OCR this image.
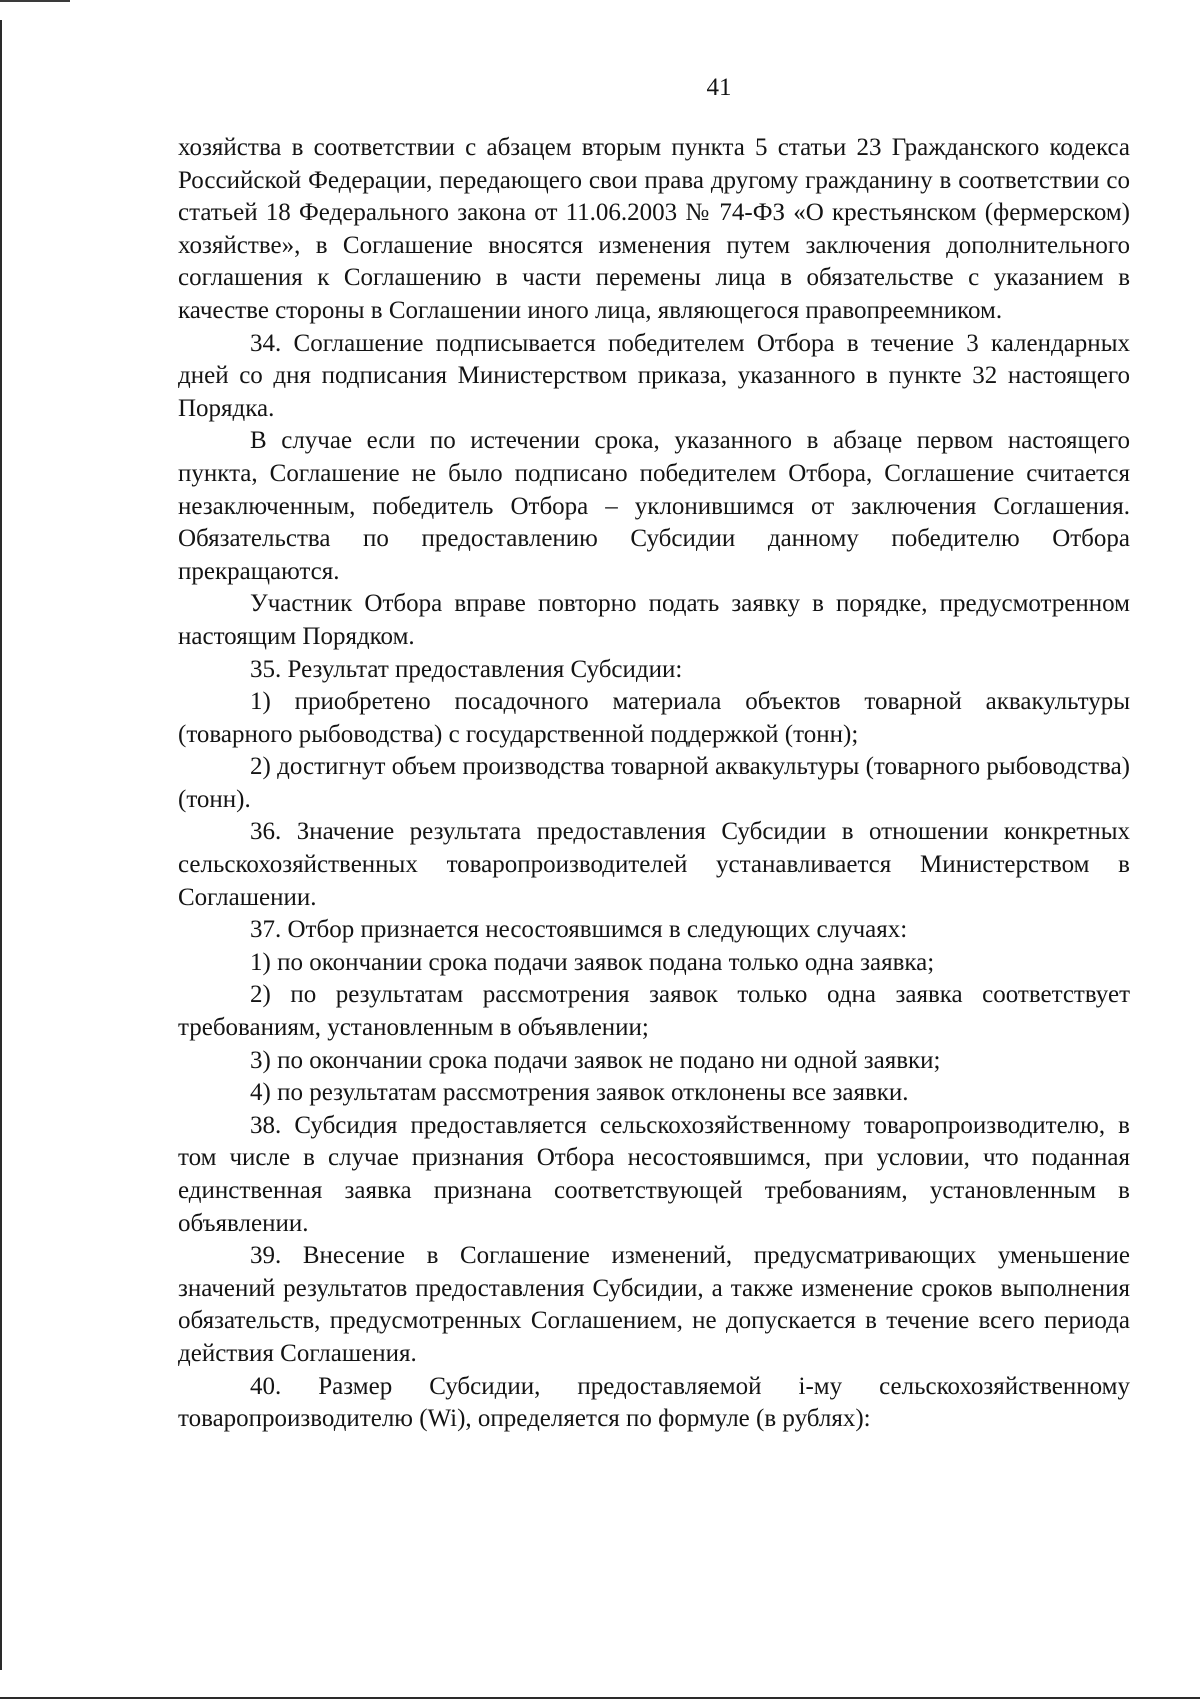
41

хозяйства в соответствии с абзацем вторым пункта 5 статьи 23 Гражданского кодекса Российской Федерации, передающего свои права другому гражданину в соответствии со статьей 18 Федерального закона от 11.06.2003 № 74-ФЗ «О крестьянском (фермерском) хозяйстве», в Соглашение вносятся изменения путем заключения дополнительного соглашения к Соглашению в части перемены лица в обязательстве с указанием в качестве стороны в Соглашении иного лица, являющегося правопреемником.

34. Соглашение подписывается победителем Отбора в течение 3 календарных дней со дня подписания Министерством приказа, указанного в пункте 32 настоящего Порядка.

В случае если по истечении срока, указанного в абзаце первом настоящего пункта, Соглашение не было подписано победителем Отбора, Соглашение считается незаключенным, победитель Отбора – уклонившимся от заключения Соглашения. Обязательства по предоставлению Субсидии данному победителю Отбора прекращаются.

Участник Отбора вправе повторно подать заявку в порядке, предусмотренном настоящим Порядком.

35. Результат предоставления Субсидии:

1) приобретено посадочного материала объектов товарной аквакультуры (товарного рыбоводства) с государственной поддержкой (тонн);

2) достигнут объем производства товарной аквакультуры (товарного рыбоводства) (тонн).

36. Значение результата предоставления Субсидии в отношении конкретных сельскохозяйственных товаропроизводителей устанавливается Министерством в Соглашении.

37. Отбор признается несостоявшимся в следующих случаях:

1) по окончании срока подачи заявок подана только одна заявка;

2) по результатам рассмотрения заявок только одна заявка соответствует требованиям, установленным в объявлении;

3) по окончании срока подачи заявок не подано ни одной заявки;

4) по результатам рассмотрения заявок отклонены все заявки.

38. Субсидия предоставляется сельскохозяйственному товаропроизводителю, в том числе в случае признания Отбора несостоявшимся, при условии, что поданная единственная заявка признана соответствующей требованиям, установленным в объявлении.

39. Внесение в Соглашение изменений, предусматривающих уменьшение значений результатов предоставления Субсидии, а также изменение сроков выполнения обязательств, предусмотренных Соглашением, не допускается в течение всего периода действия Соглашения.

40. Размер Субсидии, предоставляемой i-му сельскохозяйственному товаропроизводителю (Wi), определяется по формуле (в рублях):
